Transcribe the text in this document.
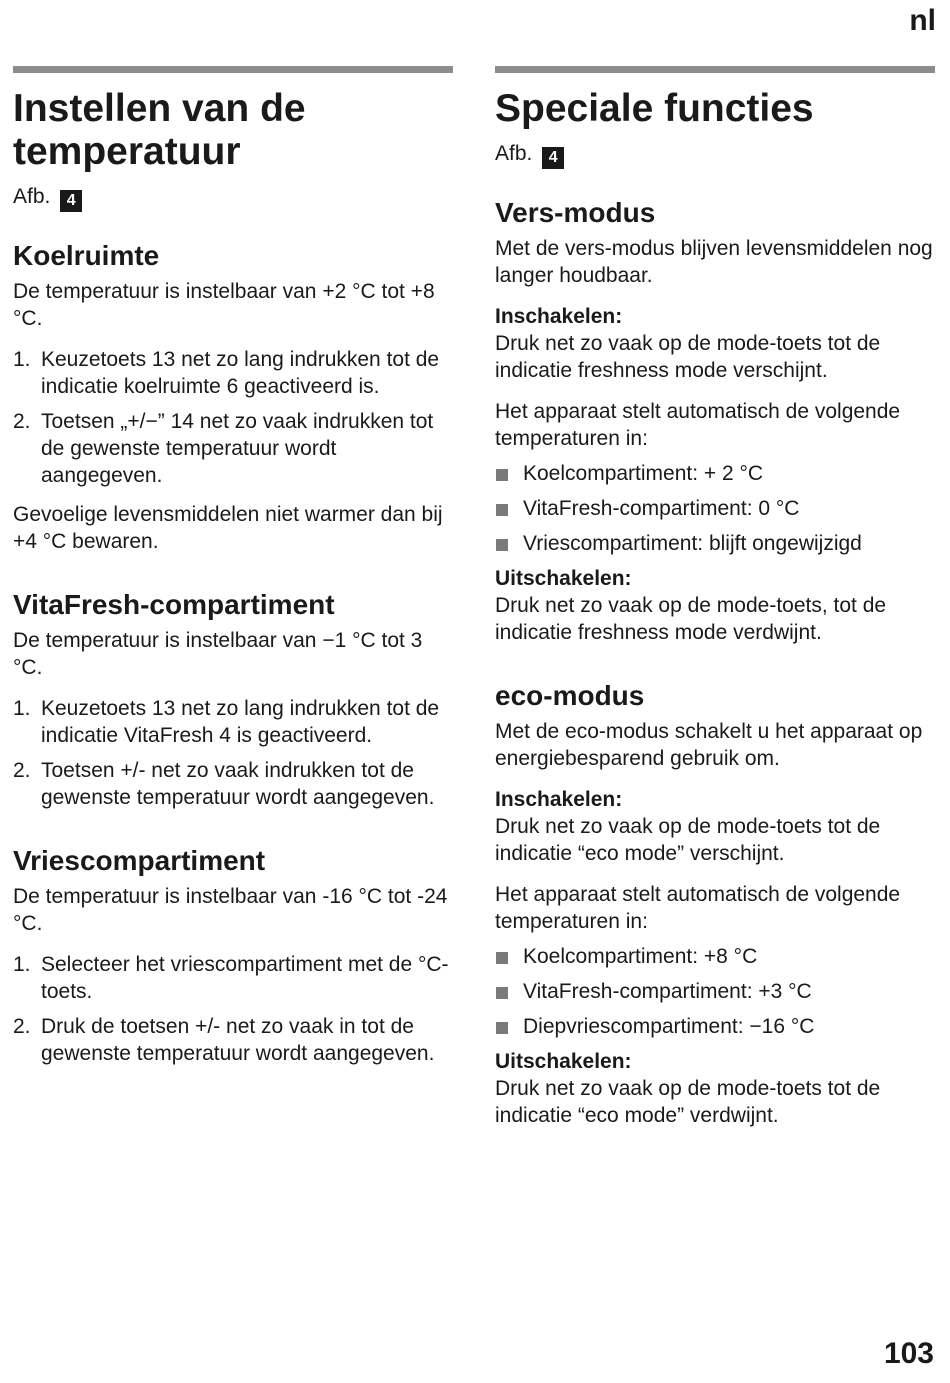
nl
Instellen van de temperatuur
Afb. 4
Koelruimte

De temperatuur is instelbaar van +2 °C tot +8 °C.

1. Keuzetoets 13 net zo lang indrukken tot de indicatie koelruimte 6 geactiveerd is.
2. Toetsen „+/−” 14 net zo vaak indrukken tot de gewenste temperatuur wordt aangegeven.

Gevoelige levensmiddelen niet warmer dan bij +4 °C bewaren.

VitaFresh-compartiment

De temperatuur is instelbaar van −1 °C tot 3 °C.

1. Keuzetoets 13 net zo lang indrukken tot de indicatie VitaFresh 4 is geactiveerd.
2. Toetsen +/- net zo vaak indrukken tot de gewenste temperatuur wordt aangegeven.
Vriescompartiment

De temperatuur is instelbaar van -16 °C tot -24 °C.

1. Selecteer het vriescompartiment met de °C-toets.
2. Druk de toetsen +/- net zo vaak in tot de gewenste temperatuur wordt aangegeven.
Speciale functies
Afb. 4
Vers-modus

Met de vers-modus blijven levensmiddelen nog langer houdbaar.

Inschakelen:

Druk net zo vaak op de mode-toets tot de indicatie freshness mode verschijnt.

Het apparaat stelt automatisch de volgende temperaturen in:

Koelcompartiment: + 2 °C
VitaFresh-compartiment: 0 °C
Vriescompartiment: blijft ongewijzigd
Uitschakelen:

Druk net zo vaak op de mode-toets, tot de indicatie freshness mode verdwijnt.

eco-modus

Met de eco-modus schakelt u het apparaat op energiebesparend gebruik om.

Inschakelen:

Druk net zo vaak op de mode-toets tot de indicatie “eco mode” verschijnt.

Het apparaat stelt automatisch de volgende temperaturen in:

Koelcompartiment: +8 °C
VitaFresh-compartiment: +3 °C
Diepvriescompartiment: −16 °C
Uitschakelen:

Druk net zo vaak op de mode-toets tot de indicatie “eco mode” verdwijnt.

103
